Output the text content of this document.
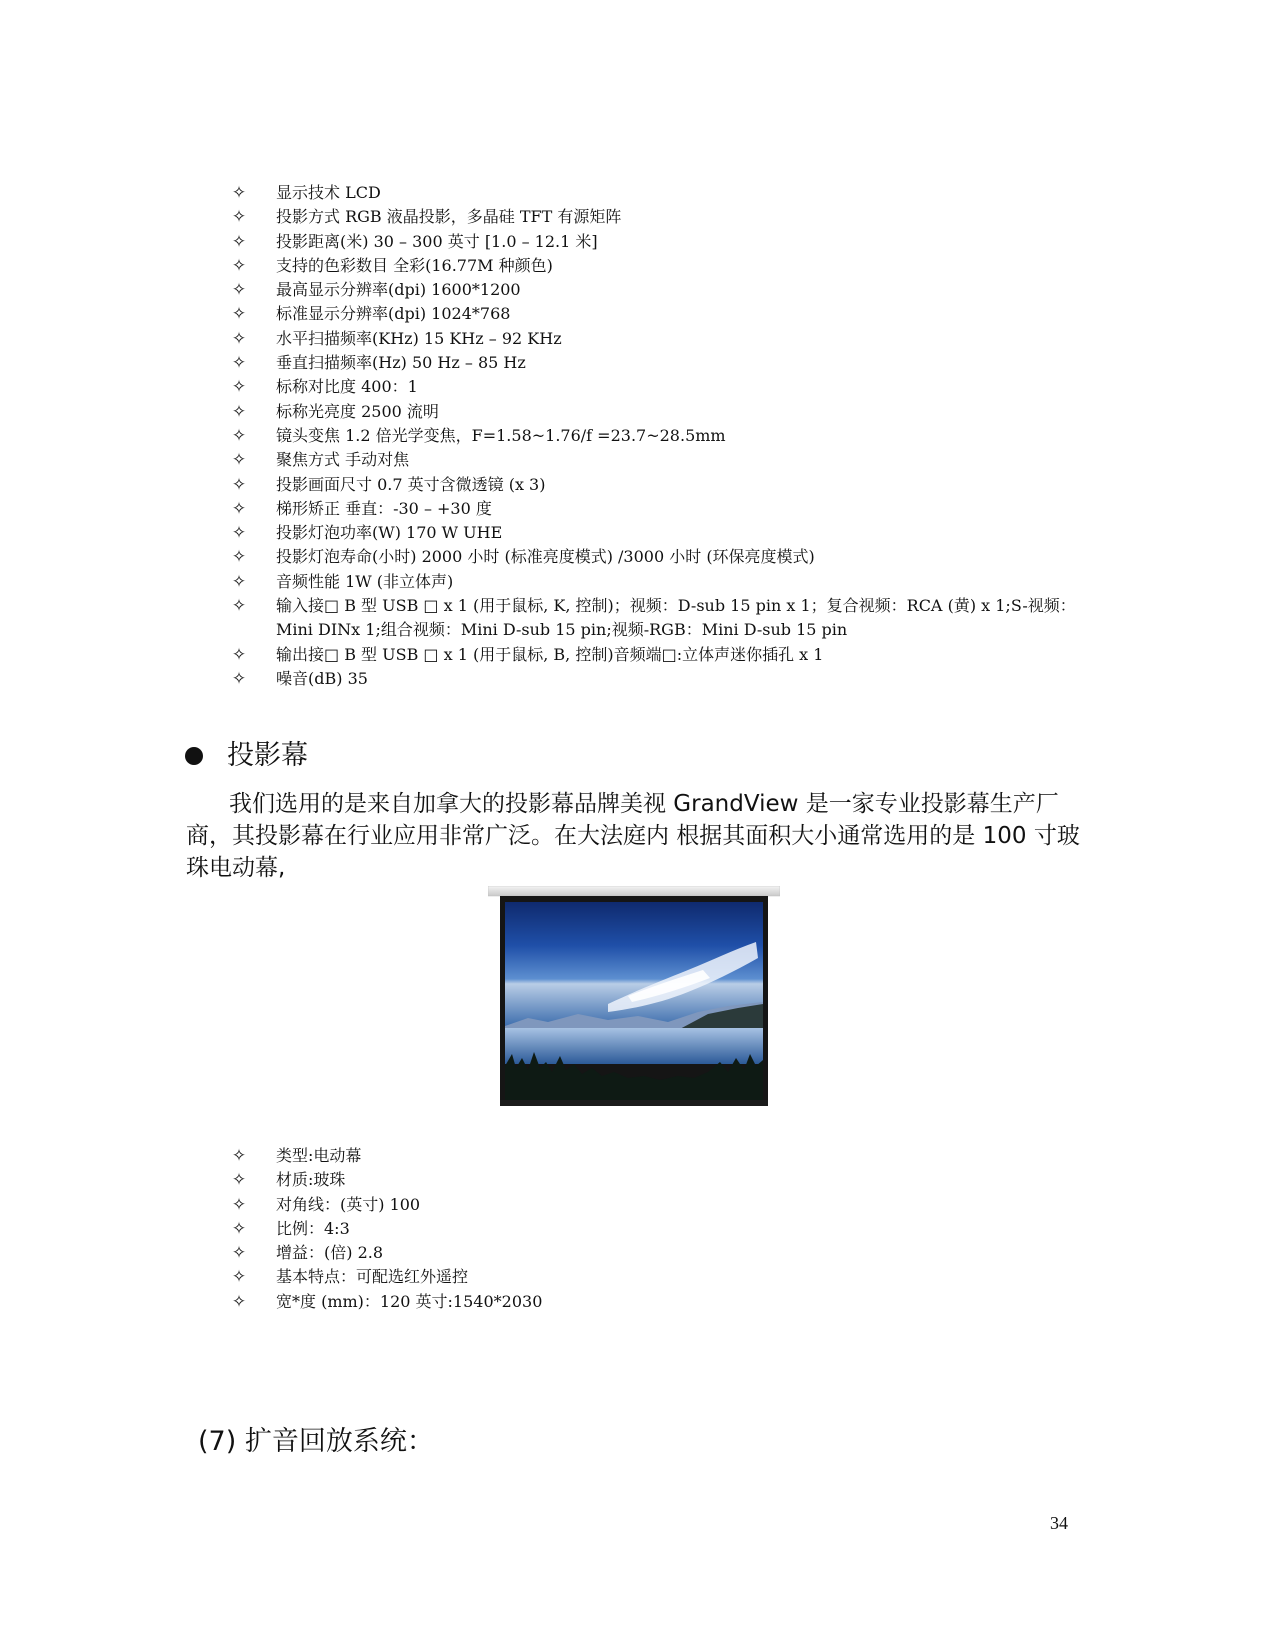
✧ 显示技术 LCD
✧ 投影方式 RGB 液晶投影，多晶硅 TFT 有源矩阵
✧ 投影距离(米) 30 – 300 英寸 [1.0 – 12.1 米]
✧ 支持的色彩数目 全彩(16.77M 种颜色)
✧ 最高显示分辨率(dpi) 1600*1200
✧ 标准显示分辨率(dpi) 1024*768
✧ 水平扫描频率(KHz) 15 KHz – 92 KHz
✧ 垂直扫描频率(Hz) 50 Hz – 85 Hz
✧ 标称对比度 400：1
✧ 标称光亮度 2500 流明
✧ 镜头变焦 1.2 倍光学变焦，F=1.58~1.76/f =23.7~28.5mm
✧ 聚焦方式 手动对焦
✧ 投影画面尺寸 0.7 英寸含微透镜 (x 3)
✧ 梯形矫正 垂直：-30 – +30 度
✧ 投影灯泡功率(W) 170 W UHE
✧ 投影灯泡寿命(小时) 2000 小时 (标准亮度模式) /3000 小时 (环保亮度模式)
✧ 音频性能 1W (非立体声)
✧ 输入接□ B 型 USB □ x 1 (用于鼠标, K, 控制)；视频：D-sub 15 pin x 1；复合视频：RCA (黄) x 1;S-视频：Mini DINx 1;组合视频：Mini D-sub 15 pin;视频-RGB：Mini D-sub 15 pin
✧ 输出接□ B 型 USB □ x 1 (用于鼠标, B, 控制)音频端□:立体声迷你插孔 x 1
✧ 噪音(dB) 35
投影幕

我们选用的是来自加拿大的投影幕品牌美视 GrandView 是一家专业投影幕生产厂商，其投影幕在行业应用非常广泛。在大法庭内 根据其面积大小通常选用的是 100 寸玻珠电动幕,

✧ 类型:电动幕
✧ 材质:玻珠
✧ 对角线：(英寸) 100
✧ 比例：4:3
✧ 增益：(倍) 2.8
✧ 基本特点：可配选红外遥控
✧ 宽*度 (mm)：120 英寸:1540*2030
(7) 扩音回放系统：
34
